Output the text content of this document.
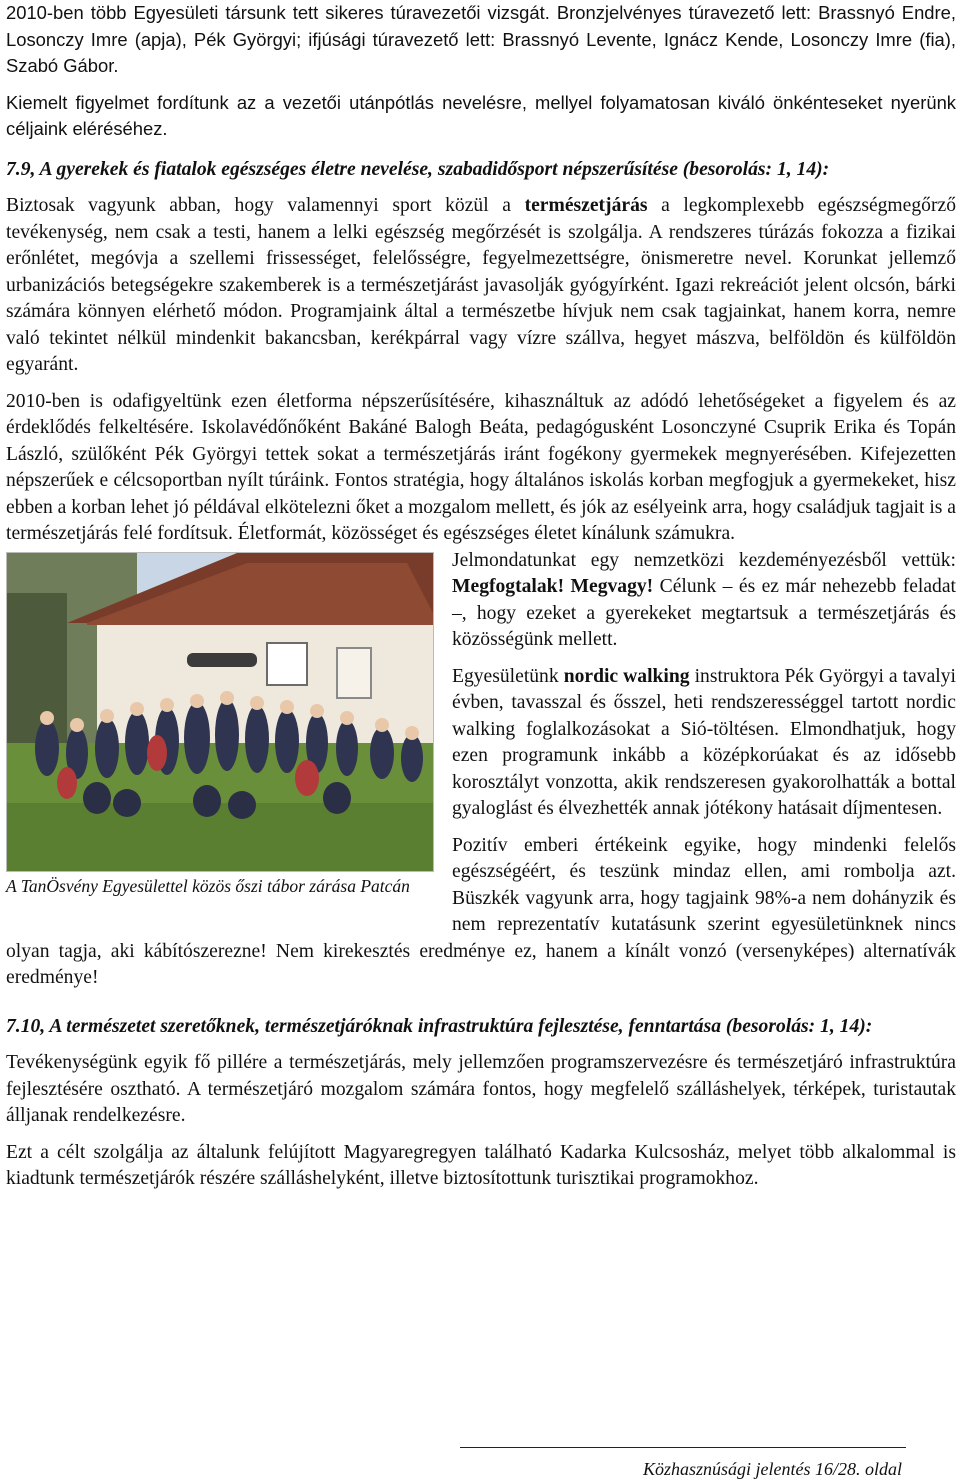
2010-ben több Egyesületi társunk tett sikeres túravezetői vizsgát. Bronzjelvényes túravezető lett: Brassnyó Endre, Losonczy Imre (apja), Pék Györgyi; ifjúsági túravezető lett: Brassnyó Levente, Ignácz Kende, Losonczy Imre (fia), Szabó Gábor.

Kiemelt figyelmet fordítunk az a vezetői utánpótlás nevelésre, mellyel folyamatosan kiváló önkénteseket nyerünk céljaink eléréséhez.

7.9, A gyerekek és fiatalok egészséges életre nevelése, szabadidősport népszerűsítése (besorolás: 1, 14):

Biztosak vagyunk abban, hogy valamennyi sport közül a természetjárás a legkomplexebb egészségmegőrző tevékenység, nem csak a testi, hanem a lelki egészség megőrzését is szolgálja. A rendszeres túrázás fokozza a fizikai erőnlétet, megóvja a szellemi frissességet, felelősségre, fegyelmezettségre, önismeretre nevel. Korunkat jellemző urbanizációs betegségekre szakemberek is a természetjárást javasolják gyógyírként. Igazi rekreációt jelent olcsón, bárki számára könnyen elérhető módon. Programjaink által a természetbe hívjuk nem csak tagjainkat, hanem korra, nemre való tekintet nélkül mindenkit bakancsban, kerékpárral vagy vízre szállva, hegyet mászva, belföldön és külföldön egyaránt.

2010-ben is odafigyeltünk ezen életforma népszerűsítésére, kihasználtuk az adódó lehetőségeket a figyelem és az érdeklődés felkeltésére. Iskolavédőnőként Bakáné Balogh Beáta, pedagógusként Losonczyné Csuprik Erika és Topán László, szülőként Pék Györgyi tettek sokat a természetjárás iránt fogékony gyermekek megnyerésében. Kifejezetten népszerűek e célcsoportban nyílt túráink. Fontos stratégia, hogy általános iskolás korban megfogjuk a gyermekeket, hisz ebben a korban lehet jó példával elkötelezni őket a mozgalom mellett, és jók az esélyeink arra, hogy családjuk tagjait is a természetjárás felé fordítsuk. Életformát, közösséget és egészséges életet kínálunk számukra.

A TanÖsvény Egyesülettel közös őszi tábor zárása Patcán

Jelmondatunkat egy nemzetközi kezdeményezésből vettük: Megfogtalak! Megvagy! Célunk – és ez már nehezebb feladat –, hogy ezeket a gyerekeket megtartsuk a természetjárás és közösségünk mellett.

Egyesületünk nordic walking instruktora Pék Györgyi a tavalyi évben, tavasszal és ősszel, heti rendszerességgel tartott nordic walking foglalkozásokat a Sió-töltésen. Elmondhatjuk, hogy ezen programunk inkább a középkorúakat és az idősebb korosztályt vonzotta, akik rendszeresen gyakorolhatták a bottal gyaloglást és élvezhették annak jótékony hatásait díjmentesen.

Pozitív emberi értékeink egyike, hogy mindenki felelős egészségéért, és teszünk mindaz ellen, ami rombolja azt. Büszkék vagyunk arra, hogy tagjaink 98%-a nem dohányzik és nem reprezentatív kutatásunk szerint egyesületünknek nincs olyan tagja, aki kábítószerezne! Nem kirekesztés eredménye ez, hanem a kínált vonzó (versenyképes) alternatívák eredménye!

7.10, A természetet szeretőknek, természetjáróknak infrastruktúra fejlesztése, fenntartása (besorolás: 1, 14):

Tevékenységünk egyik fő pillére a természetjárás, mely jellemzően programszervezésre és természetjáró infrastruktúra fejlesztésére osztható. A természetjáró mozgalom számára fontos, hogy megfelelő szálláshelyek, térképek, turistautak álljanak rendelkezésre.

Ezt a célt szolgálja az általunk felújított Magyaregregyen található Kadarka Kulcsosház, melyet több alkalommal is kiadtunk természetjárók részére szálláshelyként, illetve biztosítottunk turisztikai programokhoz.

Közhasznúsági jelentés 16/28. oldal
